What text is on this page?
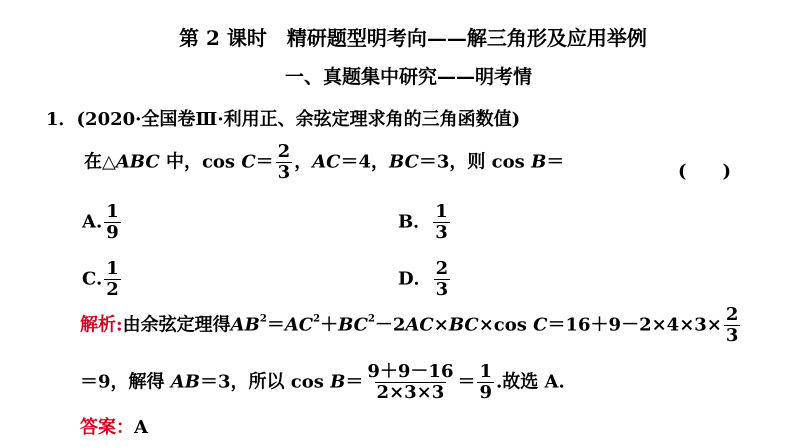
第 2 课时　精研题型明考向——解三角形及应用举例
一、真题集中研究——明考情
1．(2020·全国卷Ⅲ·利用正、余弦定理求角的三角函数值)
在△ABC 中，$\cos C= \frac{2}{3}$ ，AC＝4，BC＝3，则 cos B＝	(　　)
A. $\frac{1}{9}$	B． $\frac{1}{3}$
C. $\frac{1}{2}$	D． $\frac{2}{3}$
解析:由余弦定理得$AB^2=AC^2+BC^2-2AC\times BC\times\cos$ $C=16+9-2\times 4\times 3\times \frac{2}{3}$
＝9，解得 AB＝3，所以 $\cos B= \frac{9+9-16}{2\times 3\times 3} = \frac{1}{9}$ .故选 A.
答案：A
